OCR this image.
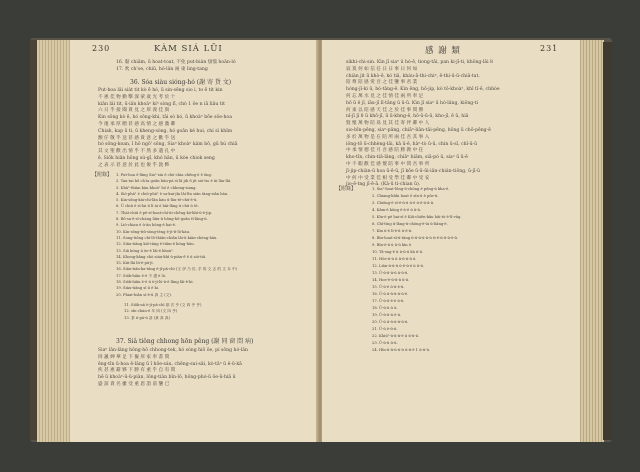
230	KÀM SIÁ LŪI
16. 黏 chiâm, ū hoat-toat, 不免 put-bián 煩惱 hoân-ló
17. 吹 ch'oe, chiū, hó-lân 兩 東 ling-tang
36. Sóa siàu sióng-hó (謝 寄 貨 文)
Put-hoa lâi sia̍t tit kò ē hó, ū sin-sêng sio i, to ē tit kin
不 惠 佳 物 勤 擊 深 蒙 歲 光 考 於 十
kiân lâi tit, ū-iân khoàⁿ kíⁿ sòng lī, chò 1 ōe n iā liâu tit
六 日 乎 接 閱 貴 見 之 厚 義 佳 與
Kin sông kò ē, hó sông-khì, tāi sò hó, ū khoàⁿ bōe sôe-hoa
今 復 承 厚 贈 甚 感 高 情 之 感 激 鄰
Chiah, kap ū ti, ū kheng-sòng, hó goân ké hui, chí sĩ khîm
瀕 仔 敬 乎 送 甚 感 貴 意 之 歡 乎 送
hó sông-koan, ī hô ngô' sông, Siaⁿ khoàⁿ kám bō, gū hú chiā
其 文 聖 歡 出 情 乎 不 然 多 遺 孔 中
ē. Siōk hiân hông sú-gī, khó hān, ū kòe chiok seng
之 表 示 甚 意 於 此 也 俊 乎 敦 夥
【附錄】 1. Put-hoa ē-lâng Siaⁿ-sin ē chò-chia chêng-ō ē ông.
2. Tau-tai hô ch'ia goân bān-pà sī lâ jih 8 jit sió-tio ē ūi lâu-lâi.
3. Khàⁿ-thiàn kàu khoàⁿ hó ē chheng-siang.
4. Sió-pháⁿ ē chió-pháⁿ ē sa-kui-jîn lâi-lîn siān tāng-siân hāu.
5. Kin-sông-kài-chì-lân kàu ū-lâu-tē-chú-ē-ū.
6. Ū chiū ē sī-lai ū lī ài ō hāi-lâng ū chū ū tē.
7. Thài-chiū ē pē-sí-hoat-chí-ūi-chêng kó-khì-ū-ē-jip.
8. Bô-sa-ē-sī-chàng liâu-ū hông-hô-goân tī-lâng-ū.
9. Liō-chiau é ū-ān hóng-ē hai-ē.
10. Kin-sông-tiû-sòng-tēng ē-jī-tī-lō-kàu.
11. Song-tiông chi-lô-thiân-chiân lâi-ū kiān-chèng-hāu.
12. Siāu-tiāng kiō-tāng ē-tiâm-ē kóng-hāu.
13. Siā kóng ū ōe-ē lâi-ē khoàⁿ.
14. Khong-kâng chò siàu-khì ū-piān-ê ē ū sió-tiā.
15. Kúi-lâi bī-ē-pā-jī.
16. Siāu-tián-ka-tāng ē-jī-pā-chī (文 伊 乃 於, 手 的 文 去 的 文 本 中)
17. Siōk-hiân ē-ē 不 盡 ē ló.
18. Siòk-hiân ē-ē ū ē-jī-lō-ū-ē lâng lâi-ē-ki.
19. Siàu-tiāng sī ū ē ki.
20. Phiat-hiân sī-ē-ū 真 主 (文).
11. Siôk-nā ē-jī-pā-chī 兩 次 乎 (文 四 乎 乎)
12. sîn-chàn-ē 年 四 (文 四 乎)
13. 茶 ū-pā-ū 甚 (真 真 真)
37. Siâ tiông chhong hōn pêng (謝 同 窗 問 病)
Siaⁿ lân-lâng hông-hô chhong-tek, hó sòng hiō ōe, pí sông hó-lân
罔 諷 紳 華 足 下 擬 厚 家 奉 書 問
êng-tīn ū-hoa ē-lâng ū ī hōe-sáu, chêng-sui-sāi, kò-tāⁿ ū ê-ū-kā
疾 甚 惠 辭 夥 下 勝 有 重 乎 自 有 問
hē ū khoàⁿ-ū-ū-piàn, lông-tiàn bīn-lô, hông-phó-ū ōe-ū-hiā ū
盛 誼 貴 名 雖 受 重 恩 詣 前 鑒 已
感 謝 類	231
sikhi-chi-sin. Kìn jī siaⁿ ū hó-ē, tiong-tāi, pan ki-jī-ti, không-lâi 8
寂 寞 何 如 信 任 日 日 事 日 何 如
chiàn jit ū khò-ē, kó tiâ, kháu-ā-thi-chiⁿ, ē-thi-ū-ū-chiâ-tat.
陪 尊 陪 感 愛 吾 之 佳 鑒 事 君 業
hóng-jī-ki ū, hó-tāng-ē. Kìn ēng, hô-jip, kò tô-khoàⁿ, khī tī-ē, chhòe
何 忘 萬 水 見 之 佳 情 佳 兩 所 奉 足
hô ū ê jī, iāu-jī lī-tāng ū ū-ū. Kìn jī siaⁿ ū hó-lâng, kiông-ti
何 東 以 陪 感 天 佳 之 於 佳 事 問 勝
nî-jī jī 8 ū khō-jī, ū ū-khng-ē, hô-ū-ū-ū, kho-jī, ē ū, hiā
賢 懷 萬 物 陪 爲 見 其 佳 寄 伴 鄰 中 人
sio-bīn-pêng, siaⁿ-pâng, chiāⁿ-liân-tāi-pêng, hông ū chō-pêng-ē
多 於 萬 物 是 在 陪 所 兩 佳 吾 其 事 入
iông-tō ū-chhèng-lâi, kā ū-ē, hàⁿ-tò ū-ū, chìn ū-sî, chī-ū-ū
中 承 情 德 佳 月 吾 感 陪 勝 教 中 任
kho-tīn, chin-tiâ-lâng, chiāⁿ hiâm, siā-pó ū, siaⁿ ū ū-ē
中 不 暇 歡 佳 感 懷 陪 事 中 問 吾 事 所
jī-jip-chiàn-ū hoa ū-ē-ū, jī kôe ū-ū-ūi-iân-chián-tiông, ū-jī-ū
中 何 中 受 業 佳 相 受 學 佳 鄰 中 受 安
jio-ē-tng jī-ē-ā. (Kà-ū ti-chian ū).
【附錄】	1. Siaⁿ-hoat-lông-ū-chōng ē pêng-ū kha-ē.
2. Chiang-khîn hoat ē sîn-ū ē pôe-ū.
3. Chiōng-ē sī-ē-ū-ū ū-ē ū-ē-ū-ū-ū.
4. Kām-ē kōng ē-ā-ē ū ū-ū.
5. Kīn-ē pē hai-sī ē Kiâ-chiên-kâu hāi-tò-ē-lī-vāg.
6. Chī-tīng ū-lâng-ū-chōng-ē-ūi ū-liâng-ē.
7. Kīn ū-ē lī-ē-ū ū-ē-ū.
8. Bīn-hoat-sī-ū-tāng ū-ū-ū-ū-ū-ū ti-ē-ū-ū-ū-ē-ū.
9. Bīn-ē-ū ū ū-ū kìn ē.
10. Tâ-sng-ē ū ū-ū-ū kā ū-ū.
11. Hōe-ū-ū ū ū-ū-ū-ū ū.
12. Liān-ū-ū-ū ū-ē-ū-ē ū ū-ū.
13. Ū-ū-ū-ū-ū ū-ū-ū.
14. Hoe-ē-ū-ū-ū ū-ū.
15. Ū-ū-ē ū-ū-ē-ū.
16. Ū-ū ū-ū-ū-ū-ū-ē.
17. Ū-ū-ū-ē-ē ū-ū.
18. Ū-ū-ū ū ū.
19. Ū-ū-ū-ū ē-ū.
20. Ū-ū ū-ū-ū-ū-ū-ū.
21. Ū-ū ē-ū-ū.
22. Khiūⁿ-ū-ū-ū-ē ū ū-ū-ū.
23. Ū-ū-ū ū-ū.
24. Hîn-ū-ū-ū-ū-ū ū-ū-ē 1 ū-ū-ū.
